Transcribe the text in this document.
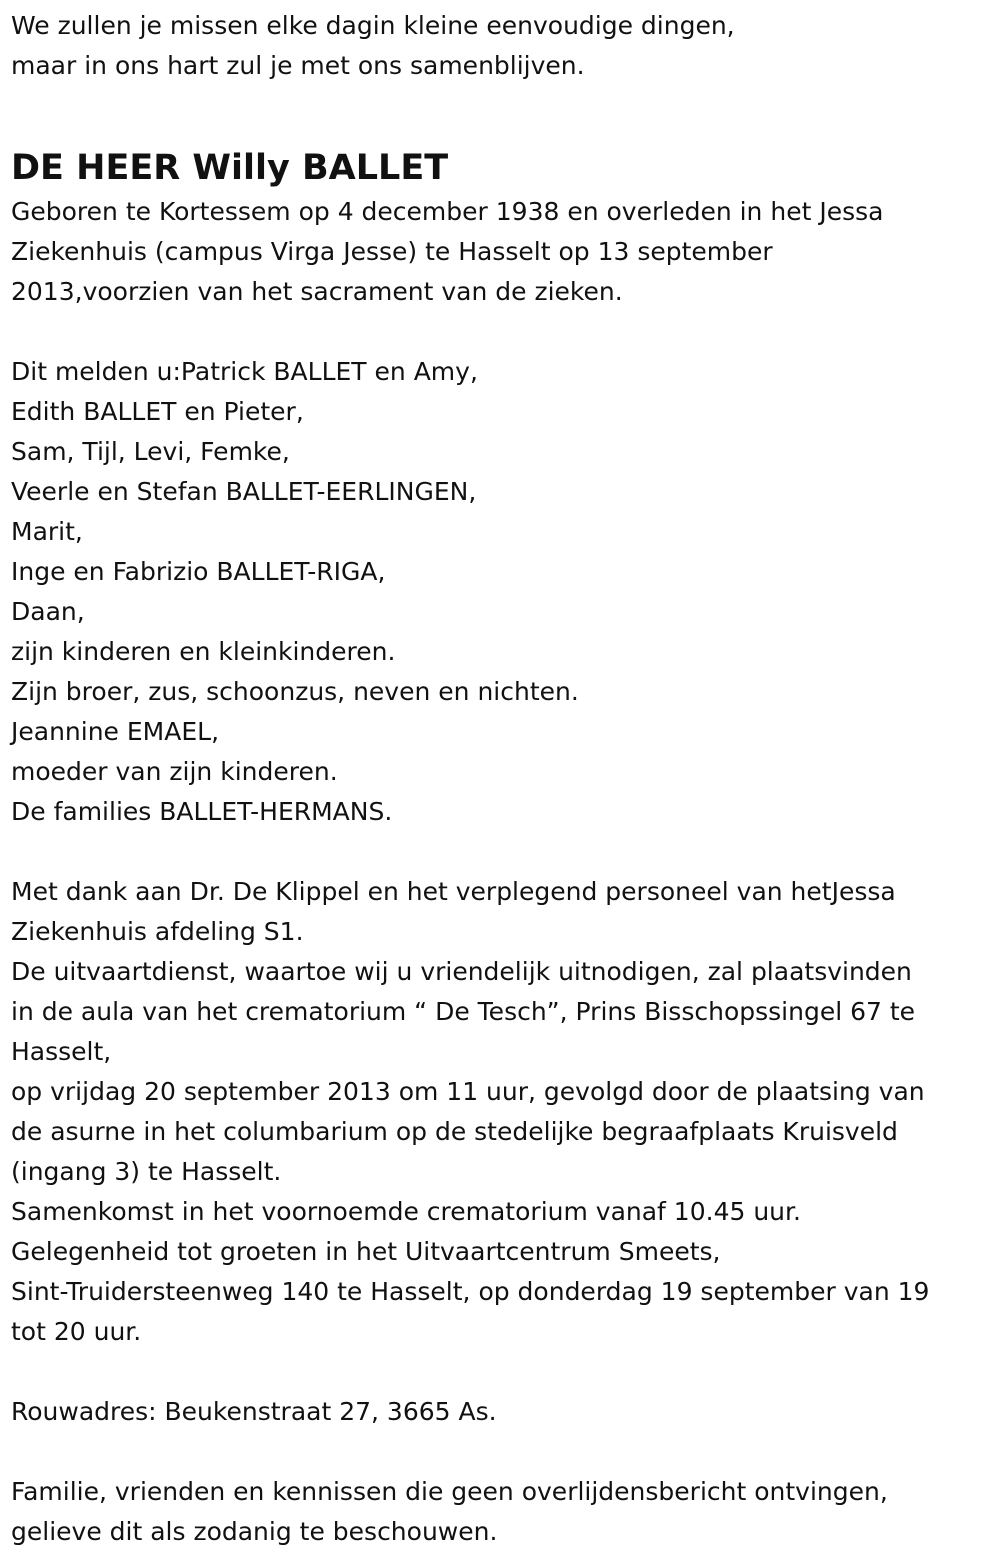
We zullen je missen elke dagin kleine eenvoudige dingen,
maar in ons hart zul je met ons samenblijven.
DE HEER Willy BALLET
Geboren te Kortessem op 4 december 1938 en overleden in het Jessa
Ziekenhuis (campus Virga Jesse) te Hasselt op 13 september
2013,voorzien van het sacrament van de zieken.
Dit melden u:Patrick BALLET en Amy,
Edith BALLET en Pieter,
Sam, Tijl, Levi, Femke,
Veerle en Stefan BALLET-EERLINGEN,
Marit,
Inge en Fabrizio BALLET-RIGA,
Daan,
zijn kinderen en kleinkinderen.
Zijn broer, zus, schoonzus, neven en nichten.
Jeannine EMAEL,
moeder van zijn kinderen.
De families BALLET-HERMANS.
Met dank aan Dr. De Klippel en het verplegend personeel van hetJessa
Ziekenhuis afdeling S1.
De uitvaartdienst, waartoe wij u vriendelijk uitnodigen, zal plaatsvinden
in de aula van het crematorium “ De Tesch”, Prins Bisschopssingel 67 te
Hasselt,
op vrijdag 20 september 2013 om 11 uur, gevolgd door de plaatsing van
de asurne in het columbarium op de stedelijke begraafplaats Kruisveld
(ingang 3) te Hasselt.
Samenkomst in het voornoemde crematorium vanaf 10.45 uur.
Gelegenheid tot groeten in het Uitvaartcentrum Smeets,
Sint-Truidersteenweg 140 te Hasselt, op donderdag 19 september van 19
tot 20 uur.
Rouwadres: Beukenstraat 27, 3665 As.
Familie, vrienden en kennissen die geen overlijdensbericht ontvingen,
gelieve dit als zodanig te beschouwen.
